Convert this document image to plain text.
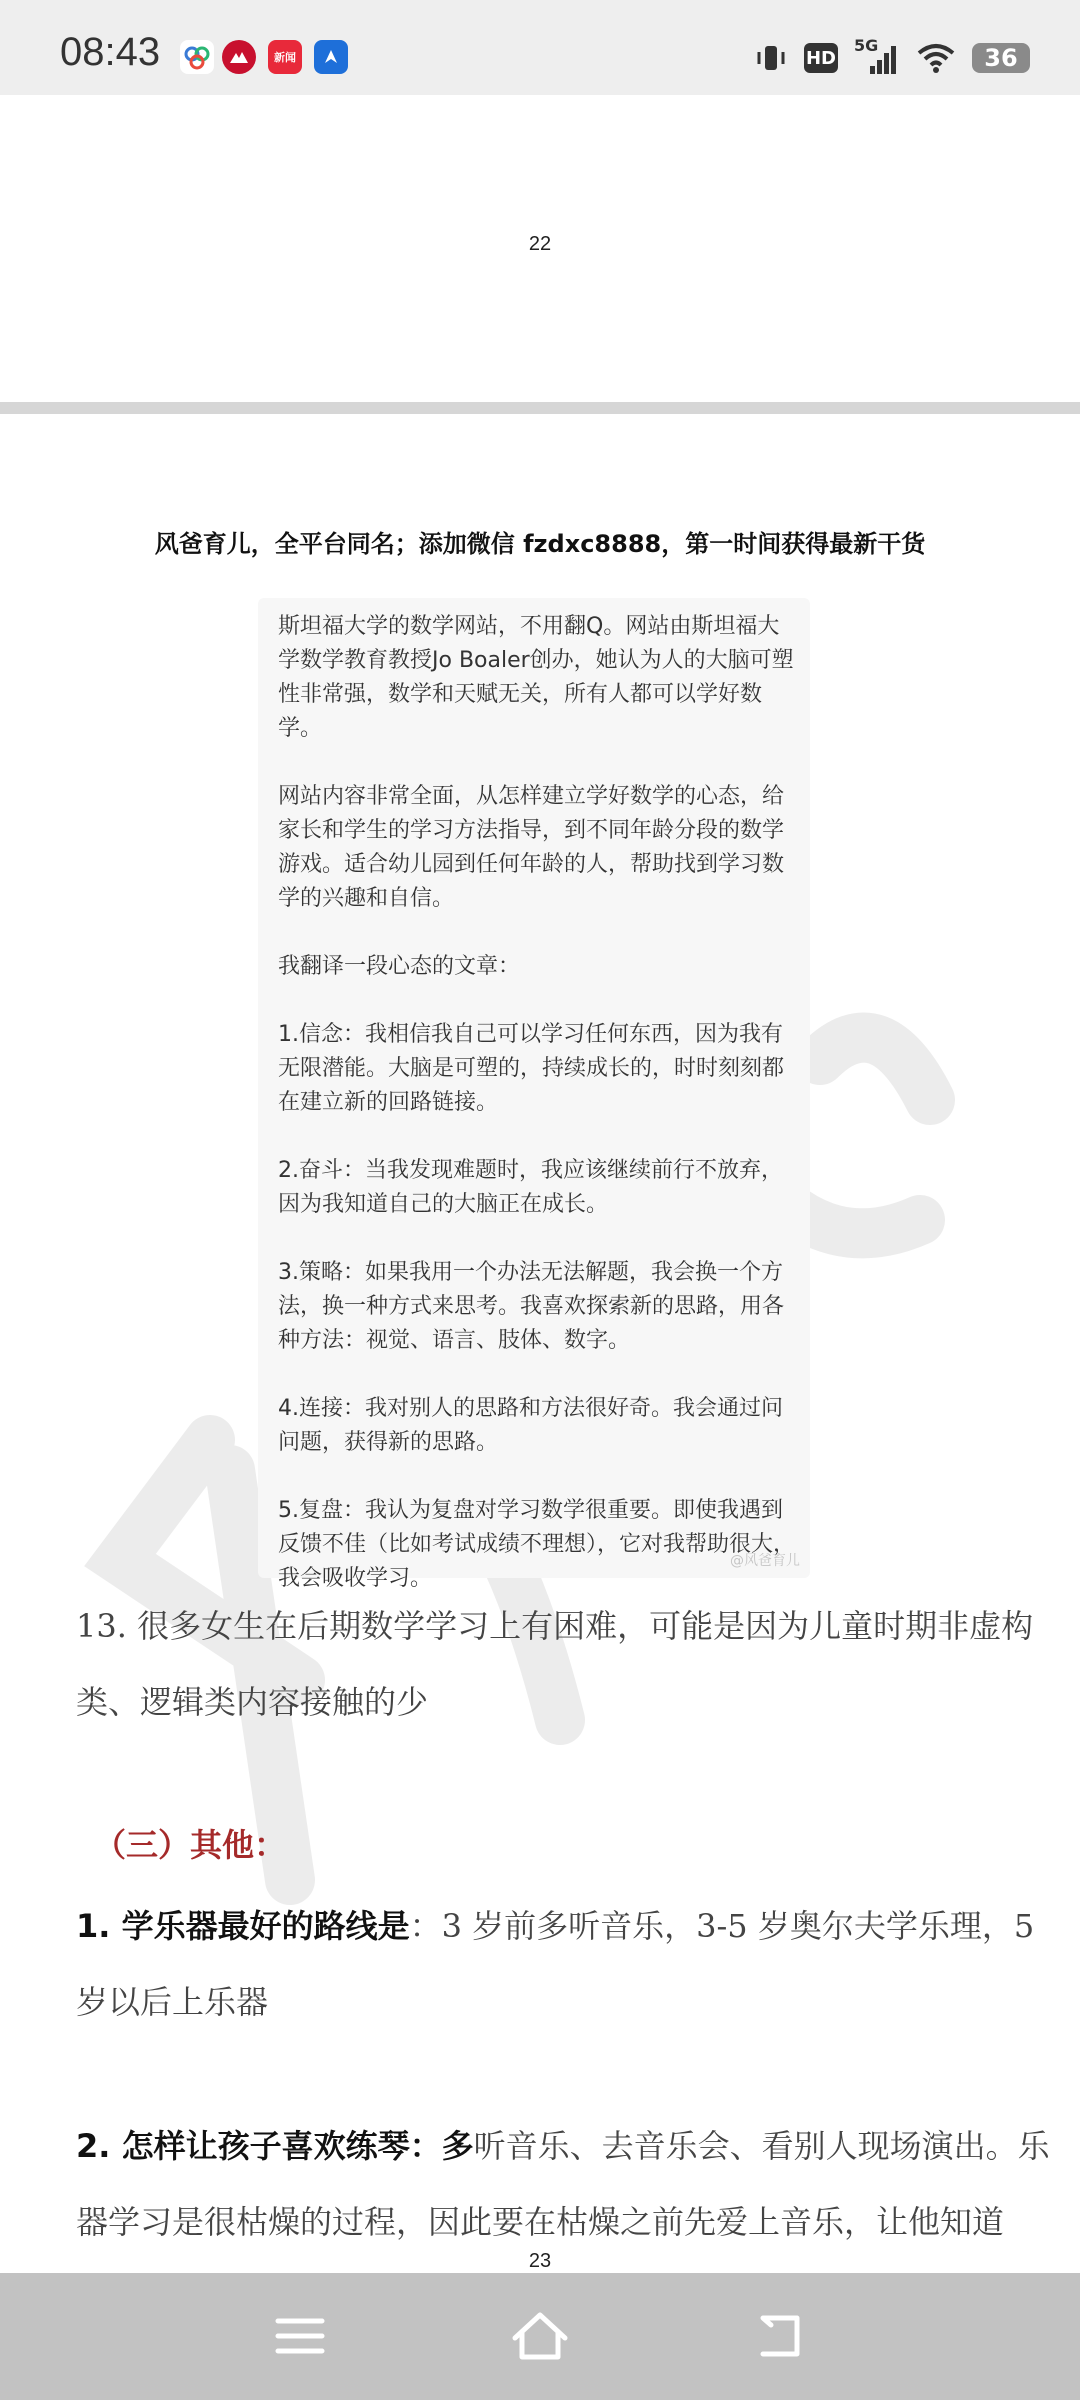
08:43	新闻	HD
5G	36
22
风爸育儿，全平台同名；添加微信 fzdxc8888，第一时间获得最新干货

斯坦福大学的数学网站，不用翻Q。网站由斯坦福大学数学教育教授Jo Boaler创办，她认为人的大脑可塑性非常强，数学和天赋无关，所有人都可以学好数学。

网站内容非常全面，从怎样建立学好数学的心态，给家长和学生的学习方法指导，到不同年龄分段的数学游戏。适合幼儿园到任何年龄的人，帮助找到学习数学的兴趣和自信。

我翻译一段心态的文章：

1.信念：我相信我自己可以学习任何东西，因为我有无限潜能。大脑是可塑的，持续成长的，时时刻刻都在建立新的回路链接。

2.奋斗：当我发现难题时，我应该继续前行不放弃，因为我知道自己的大脑正在成长。

3.策略：如果我用一个办法无法解题，我会换一个方法，换一种方式来思考。我喜欢探索新的思路，用各种方法：视觉、语言、肢体、数字。

4.连接：我对别人的思路和方法很好奇。我会通过问问题，获得新的思路。

5.复盘：我认为复盘对学习数学很重要。即使我遇到反馈不佳（比如考试成绩不理想），它对我帮助很大，我会吸收学习。

@风爸育儿
13. 很多女生在后期数学学习上有困难，可能是因为儿童时期非虚构类、逻辑类内容接触的少
（三）其他：
1. 学乐器最好的路线是：3 岁前多听音乐，3-5 岁奥尔夫学乐理，5 岁以后上乐器
2. 怎样让孩子喜欢练琴：多听音乐、去音乐会、看别人现场演出。乐器学习是很枯燥的过程，因此要在枯燥之前先爱上音乐，让他知道
23
